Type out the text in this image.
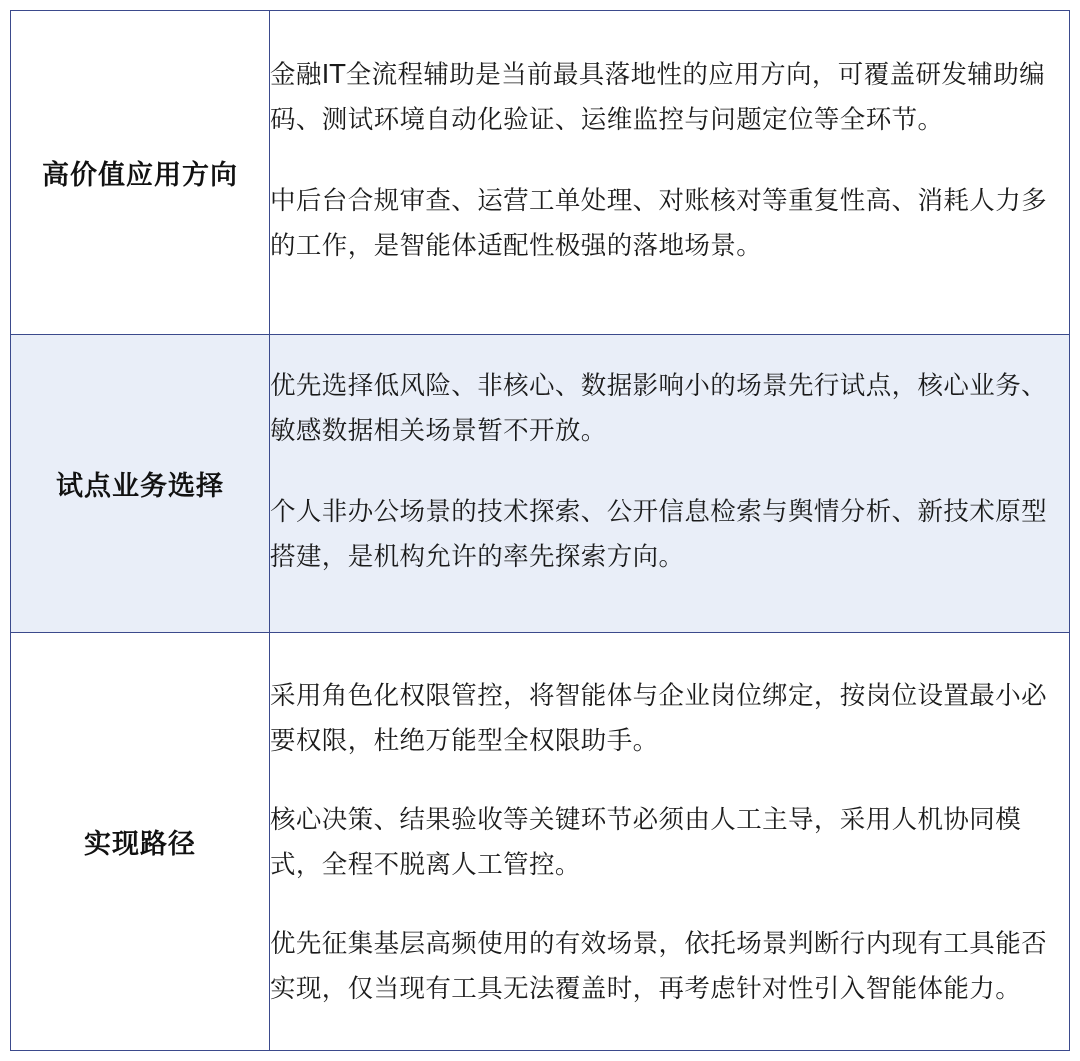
高价值应用方向	金融IT全流程辅助是当前最具落地性的应用方向，可覆盖研发辅助编码、测试环境自动化验证、运维监控与问题定位等全环节。

中后台合规审查、运营工单处理、对账核对等重复性高、消耗人力多的工作，是智能体适配性极强的落地场景。

试点业务选择	优先选择低风险、非核心、数据影响小的场景先行试点，核心业务、敏感数据相关场景暂不开放。

个人非办公场景的技术探索、公开信息检索与舆情分析、新技术原型搭建，是机构允许的率先探索方向。

实现路径	采用角色化权限管控，将智能体与企业岗位绑定，按岗位设置最小必要权限，杜绝万能型全权限助手。

核心决策、结果验收等关键环节必须由人工主导，采用人机协同模式，全程不脱离人工管控。

优先征集基层高频使用的有效场景，依托场景判断行内现有工具能否实现，仅当现有工具无法覆盖时，再考虑针对性引入智能体能力。
